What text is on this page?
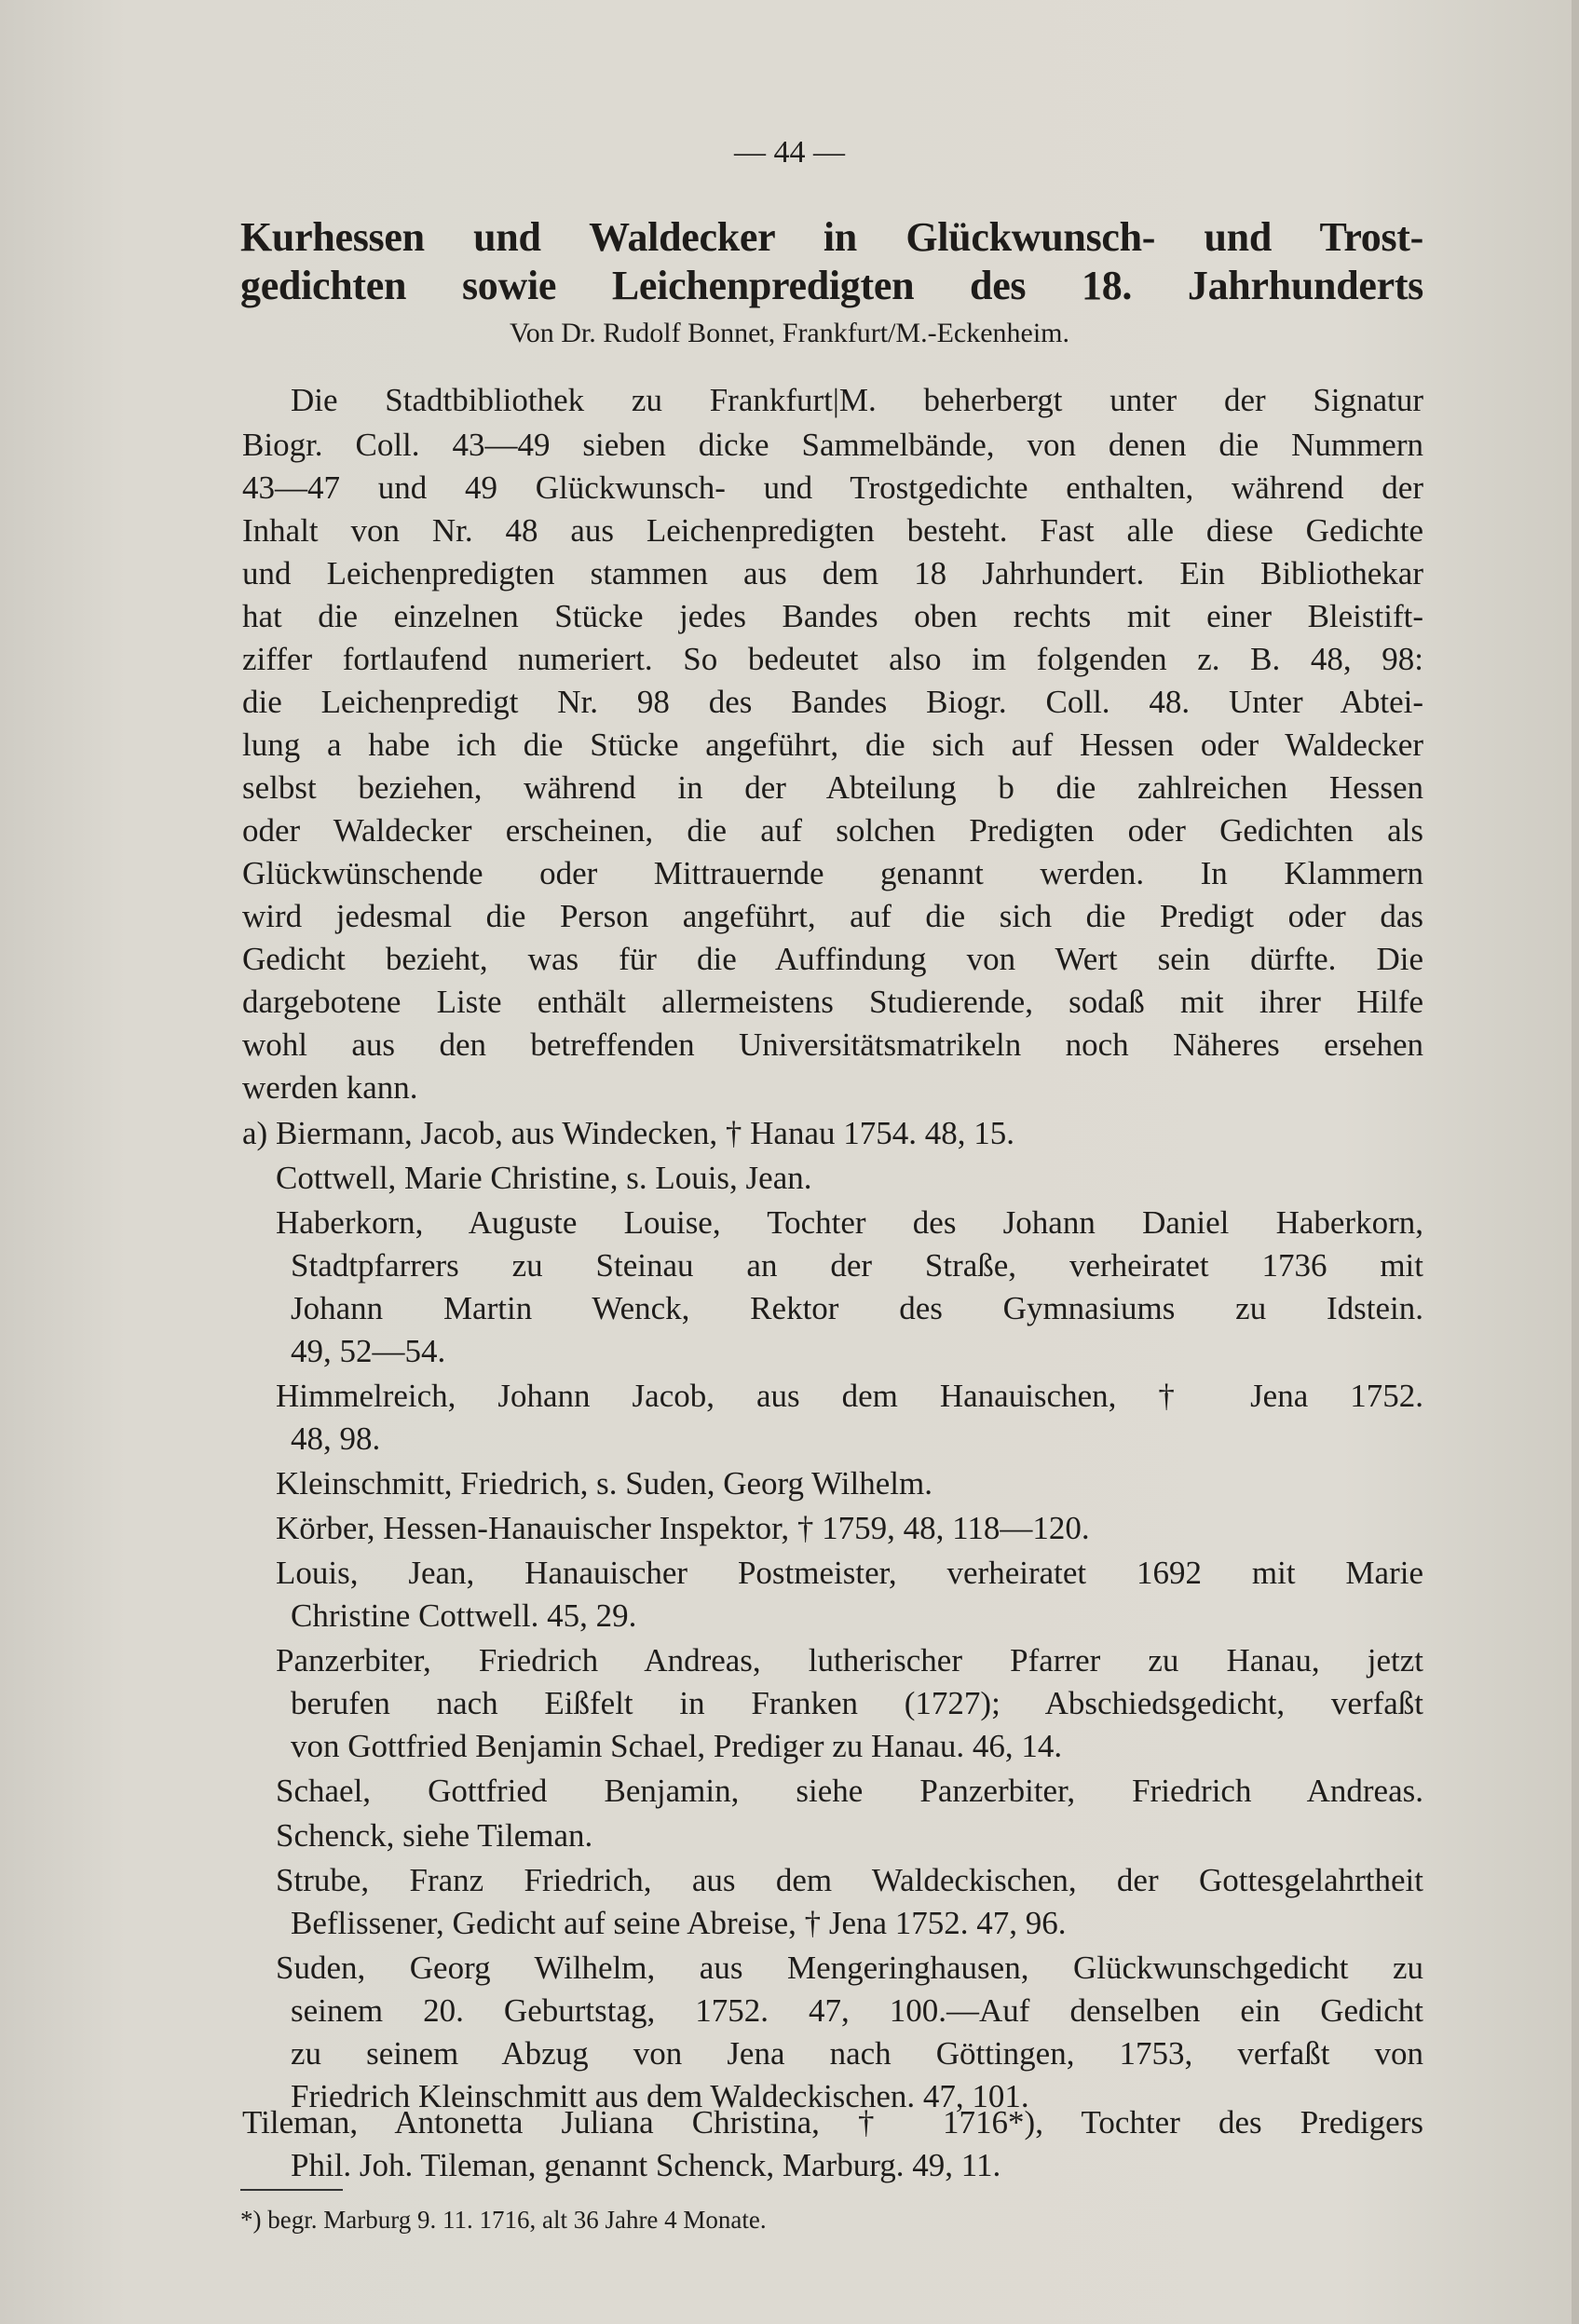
— 44 —
Kurhessen und Waldecker in Glückwunsch- und Trost-
gedichten sowie Leichenpredigten des 18. Jahrhunderts
Von Dr. Rudolf Bonnet, Frankfurt/M.-Eckenheim.
Die Stadtbibliothek zu Frankfurt|M. beherbergt unter der Signatur
Biogr. Coll. 43—49 sieben dicke Sammelbände, von denen die Nummern
43—47 und 49 Glückwunsch- und Trostgedichte enthalten, während der
Inhalt von Nr. 48 aus Leichenpredigten besteht. Fast alle diese Gedichte
und Leichenpredigten stammen aus dem 18 Jahrhundert. Ein Bibliothekar
hat die einzelnen Stücke jedes Bandes oben rechts mit einer Bleistift-
ziffer fortlaufend numeriert. So bedeutet also im folgenden z. B. 48, 98:
die Leichenpredigt Nr. 98 des Bandes Biogr. Coll. 48. Unter Abtei-
lung a habe ich die Stücke angeführt, die sich auf Hessen oder Waldecker
selbst beziehen, während in der Abteilung b die zahlreichen Hessen
oder Waldecker erscheinen, die auf solchen Predigten oder Gedichten als
Glückwünschende oder Mittrauernde genannt werden. In Klammern
wird jedesmal die Person angeführt, auf die sich die Predigt oder das
Gedicht bezieht, was für die Auffindung von Wert sein dürfte. Die
dargebotene Liste enthält allermeistens Studierende, sodaß mit ihrer Hilfe
wohl aus den betreffenden Universitätsmatrikeln noch Näheres ersehen
werden kann.
a) Biermann, Jacob, aus Windecken, † Hanau 1754. 48, 15.
Cottwell, Marie Christine, s. Louis, Jean.
Haberkorn, Auguste Louise, Tochter des Johann Daniel Haberkorn,
Stadtpfarrers zu Steinau an der Straße, verheiratet 1736 mit
Johann Martin Wenck, Rektor des Gymnasiums zu Idstein.
49, 52—54.
Himmelreich, Johann Jacob, aus dem Hanauischen, † Jena 1752.
48, 98.
Kleinschmitt, Friedrich, s. Suden, Georg Wilhelm.
Körber, Hessen-Hanauischer Inspektor, † 1759, 48, 118—120.
Louis, Jean, Hanauischer Postmeister, verheiratet 1692 mit Marie
Christine Cottwell. 45, 29.
Panzerbiter, Friedrich Andreas, lutherischer Pfarrer zu Hanau, jetzt
berufen nach Eißfelt in Franken (1727); Abschiedsgedicht, verfaßt
von Gottfried Benjamin Schael, Prediger zu Hanau. 46, 14.
Schael, Gottfried Benjamin, siehe Panzerbiter, Friedrich Andreas.
Schenck, siehe Tileman.
Strube, Franz Friedrich, aus dem Waldeckischen, der Gottesgelahrtheit
Beflissener, Gedicht auf seine Abreise, † Jena 1752. 47, 96.
Suden, Georg Wilhelm, aus Mengeringhausen, Glückwunschgedicht zu
seinem 20. Geburtstag, 1752. 47, 100.—Auf denselben ein Gedicht
zu seinem Abzug von Jena nach Göttingen, 1753, verfaßt von
Friedrich Kleinschmitt aus dem Waldeckischen. 47, 101.
Tileman, Antonetta Juliana Christina, † 1716*), Tochter des Predigers
Phil. Joh. Tileman, genannt Schenck, Marburg. 49, 11.
*) begr. Marburg 9. 11. 1716, alt 36 Jahre 4 Monate.
